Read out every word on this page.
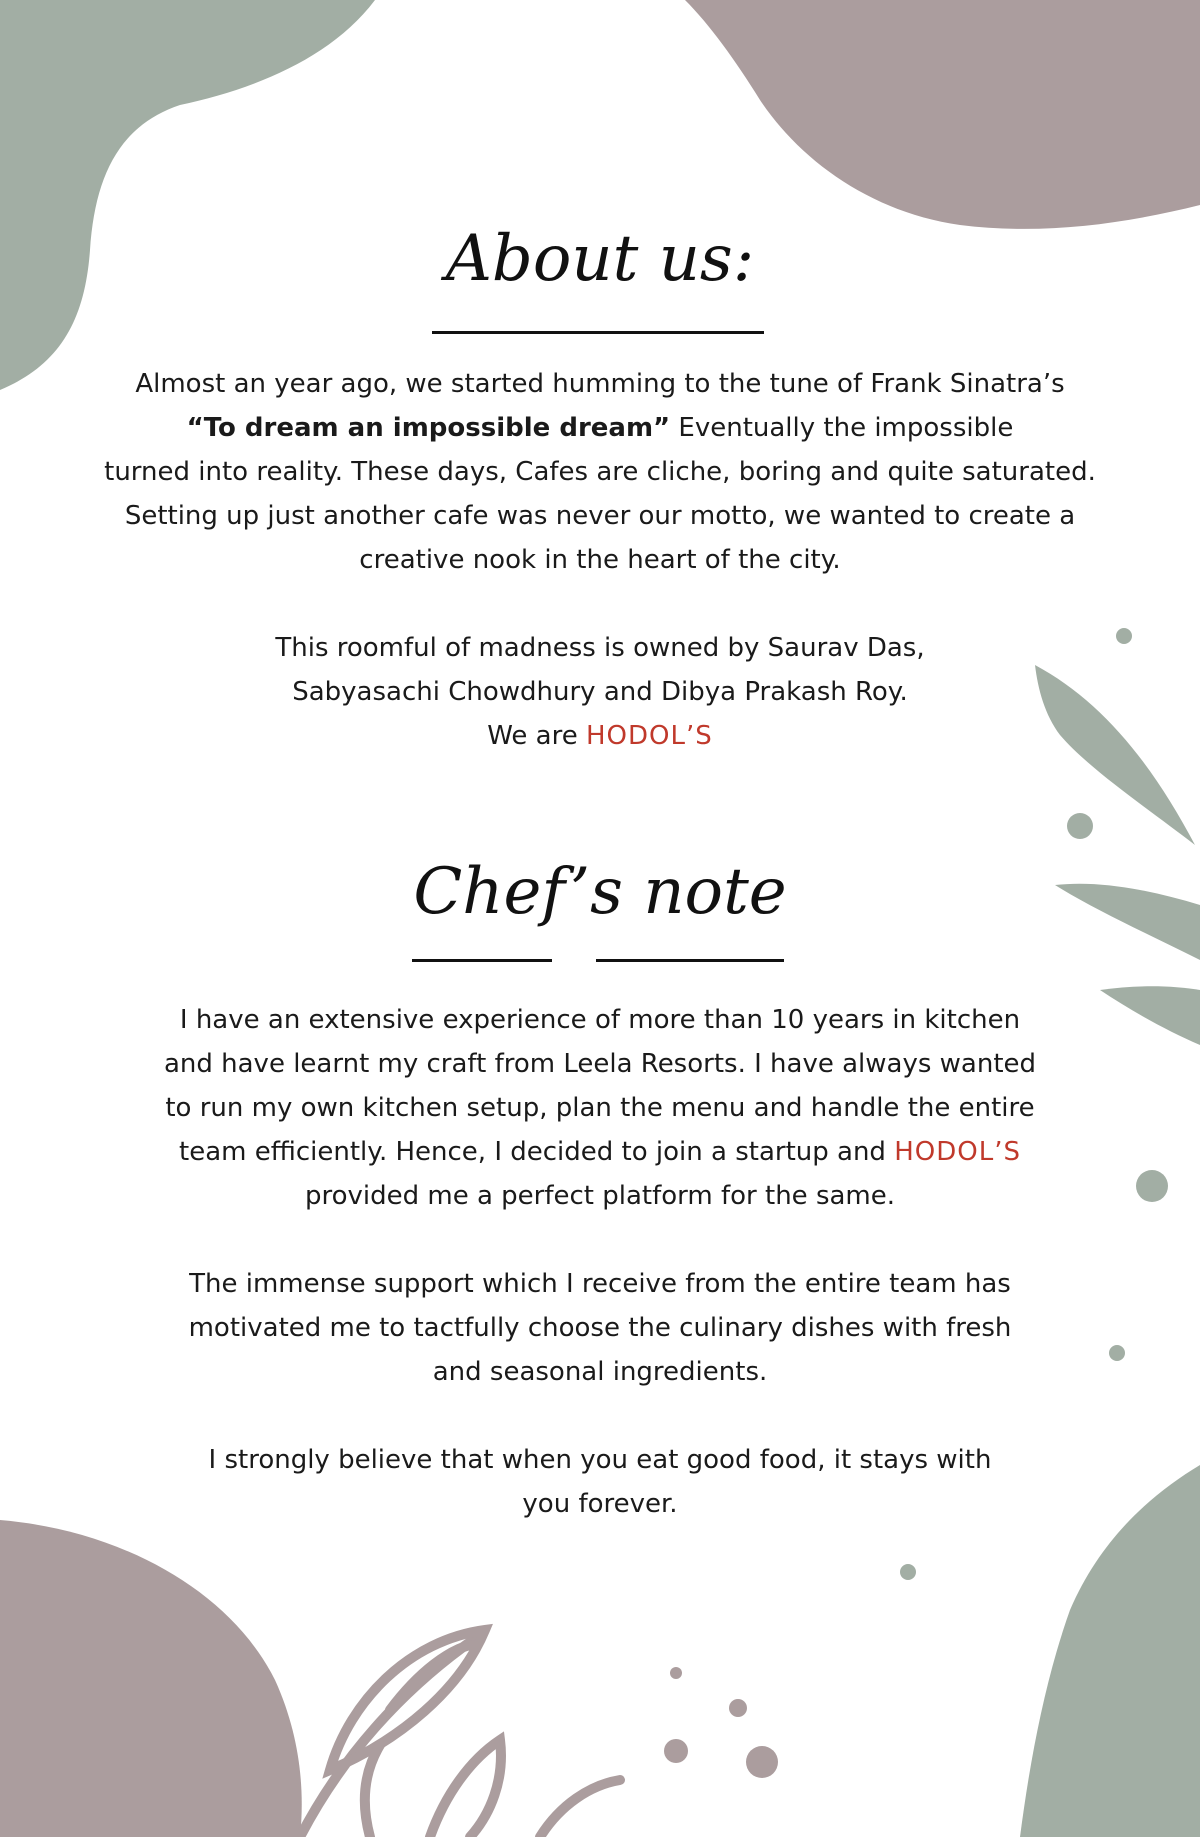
About us:

Almost an year ago, we started humming to the tune of Frank Sinatra’s
“To dream an impossible dream” Eventually the impossible
turned into reality. These days, Cafes are cliche, boring and quite saturated.
Setting up just another cafe was never our motto, we wanted to create a
creative nook in the heart of the city.

This roomful of madness is owned by Saurav Das,
Sabyasachi Chowdhury and Dibya Prakash Roy.
We are HODOL’S

Chef’s note

I have an extensive experience of more than 10 years in kitchen
and have learnt my craft from Leela Resorts. I have always wanted
to run my own kitchen setup, plan the menu and handle the entire
team efficiently. Hence, I decided to join a startup and HODOL’S
provided me a perfect platform for the same.

The immense support which I receive from the entire team has
motivated me to tactfully choose the culinary dishes with fresh
and seasonal ingredients.

I strongly believe that when you eat good food, it stays with
you forever.
